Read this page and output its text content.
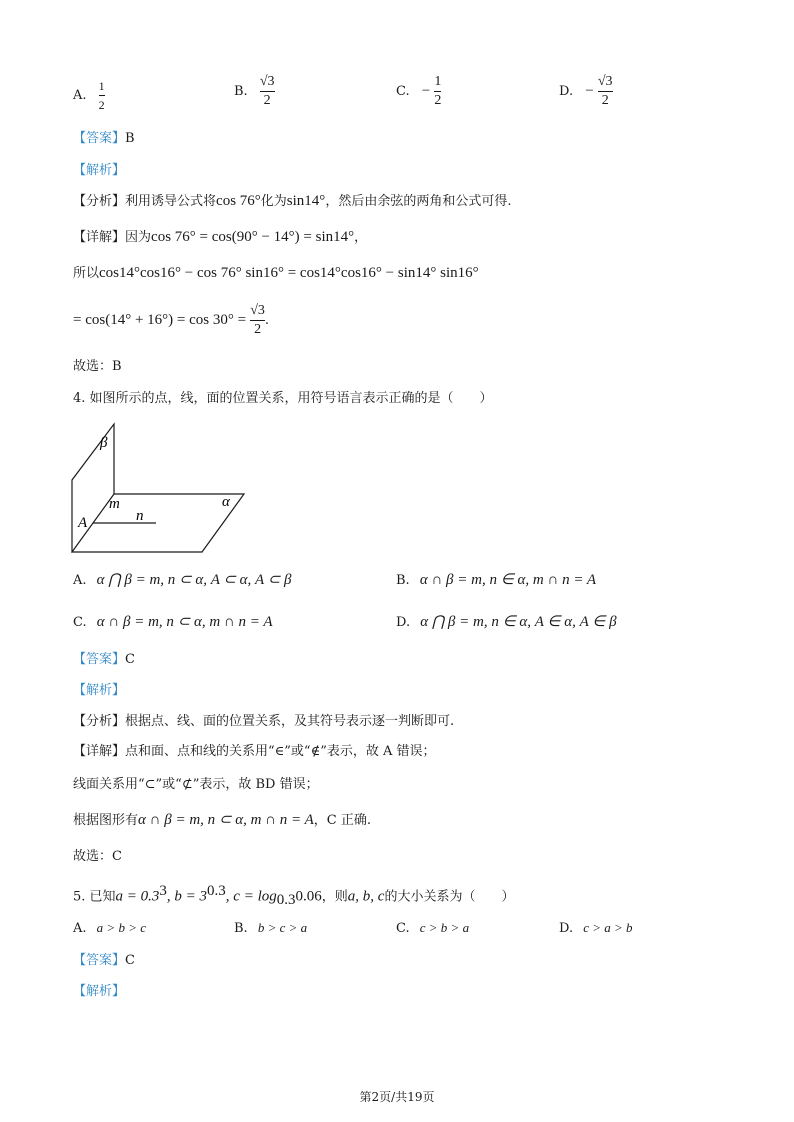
A. $\frac{1}{2}$	B. $\frac{√3}{2}$	C. − $\frac{1}{2}$	D. − $\frac{√3}{2}$
【答案】B
【解析】
【分析】利用诱导公式将cos 76°化为sin14°，然后由余弦的两角和公式可得.
【详解】因为cos 76° = cos(90° − 14°) = sin14°，
所以cos14°cos16° − cos 76° sin16° = cos14°cos16° − sin14° sin16°
= $\cos(14^\circ + 16^\circ) = \cos 30^\circ = \frac{√3}{2}$ .
故选：B
4. 如图所示的点，线，面的位置关系，用符号语言表示正确的是（　　）
β
α
m
n
A
A. α ⋂ β = m, n ⊂ α, A ⊂ α, A ⊂ β	B. α ∩ β = m, n ∈ α, m ∩ n = A
C. α ∩ β = m, n ⊂ α, m ∩ n = A	D. α ⋂ β = m, n ∈ α, A ∈ α, A ∈ β
【答案】C
【解析】
【分析】根据点、线、面的位置关系，及其符号表示逐一判断即可.
【详解】点和面、点和线的关系用“∈”或“∉”表示，故 A 错误；
线面关系用“⊂”或“⊄”表示，故 BD 错误；
根据图形有α ∩ β = m, n ⊂ α, m ∩ n = A，C 正确.
故选：C
5. 已知$a = 0.3^3$, $b = 3^{0.3}$, $c = \log_{0.3}0.06$，则a, b, c的大小关系为（　　）
A. a > b > c	B. b > c > a	C. c > b > a	D. c > a > b
【答案】C
【解析】
第2页/共19页
